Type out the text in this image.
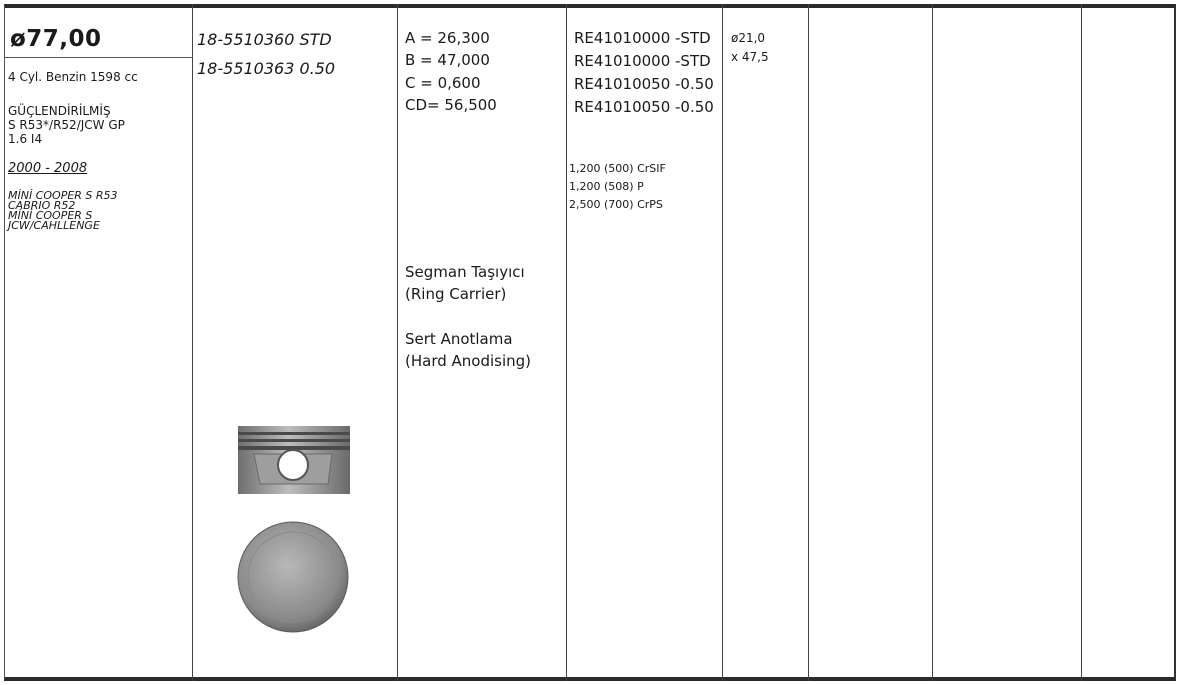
ø77,00
4 Cyl. Benzin 1598 cc
GÜÇLENDİRİLMİŞ
S R53*/R52/JCW GP
1.6 I4
2000 - 2008
MİNİ COOPER S R53
CABRIO R52
MİNİ COOPER S
JCW/CAHLLENGE
18-5510360 STD
18-5510363 0.50
A = 26,300
B = 47,000
C = 0,600
CD= 56,500
Segman Taşıyıcı
(Ring Carrier)
Sert Anotlama
(Hard Anodising)
RE41010000 -STD
RE41010000 -STD
RE41010050 -0.50
RE41010050 -0.50
1,200 (500) CrSIF
1,200 (508) P
2,500 (700) CrPS
ø21,0
x 47,5
